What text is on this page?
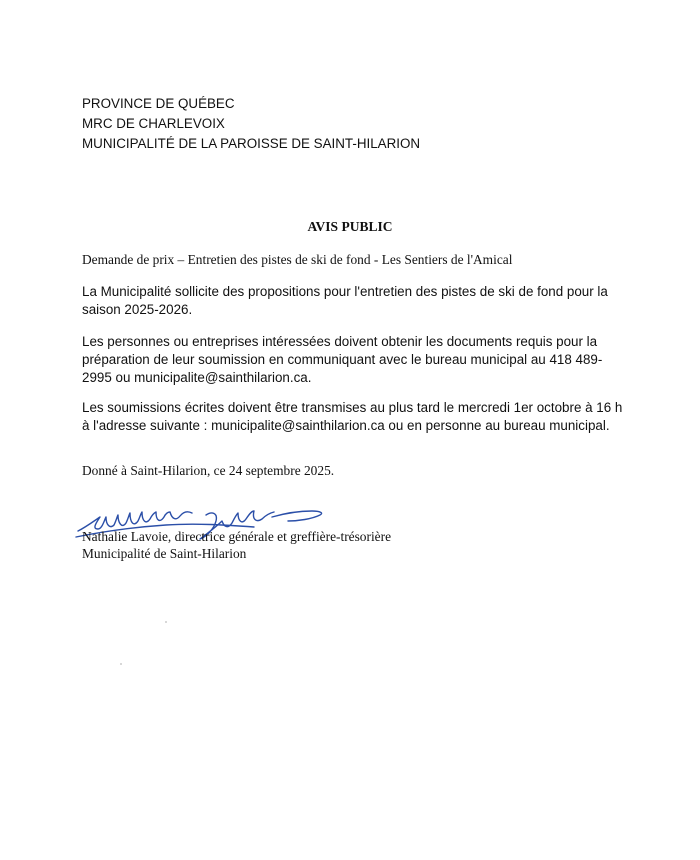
PROVINCE DE QUÉBEC

MRC DE CHARLEVOIX

MUNICIPALITÉ DE LA PAROISSE DE SAINT-HILARION

AVIS PUBLIC

Demande de prix – Entretien des pistes de ski de fond - Les Sentiers de l'Amical

La Municipalité sollicite des propositions pour l'entretien des pistes de ski de fond pour la

saison 2025-2026.

Les personnes ou entreprises intéressées doivent obtenir les documents requis pour la

préparation de leur soumission en communiquant avec le bureau municipal au 418 489-

2995 ou municipalite@sainthilarion.ca.

Les soumissions écrites doivent être transmises au plus tard le mercredi 1er octobre à 16 h

à l'adresse suivante : municipalite@sainthilarion.ca ou en personne au bureau municipal.

Donné à Saint-Hilarion, ce 24 septembre 2025.

Nathalie Lavoie, directrice générale et greffière-trésorière

Municipalité de Saint-Hilarion
